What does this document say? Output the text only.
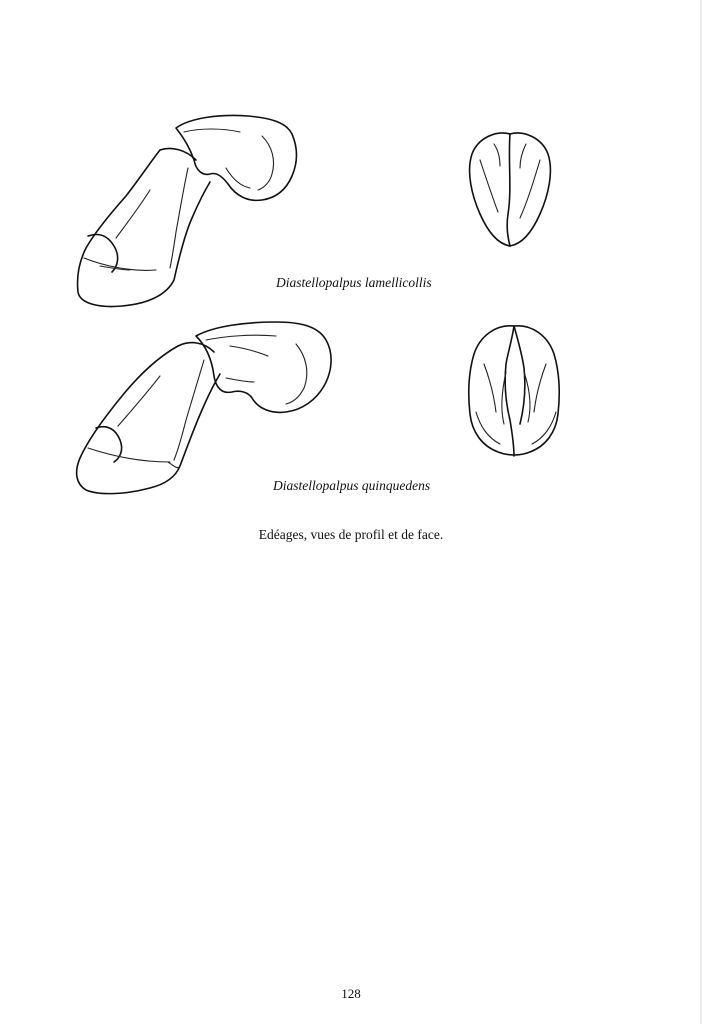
Diastellopalpus lamellicollis
Diastellopalpus quinquedens
Edéages, vues de profil et de face.
128
